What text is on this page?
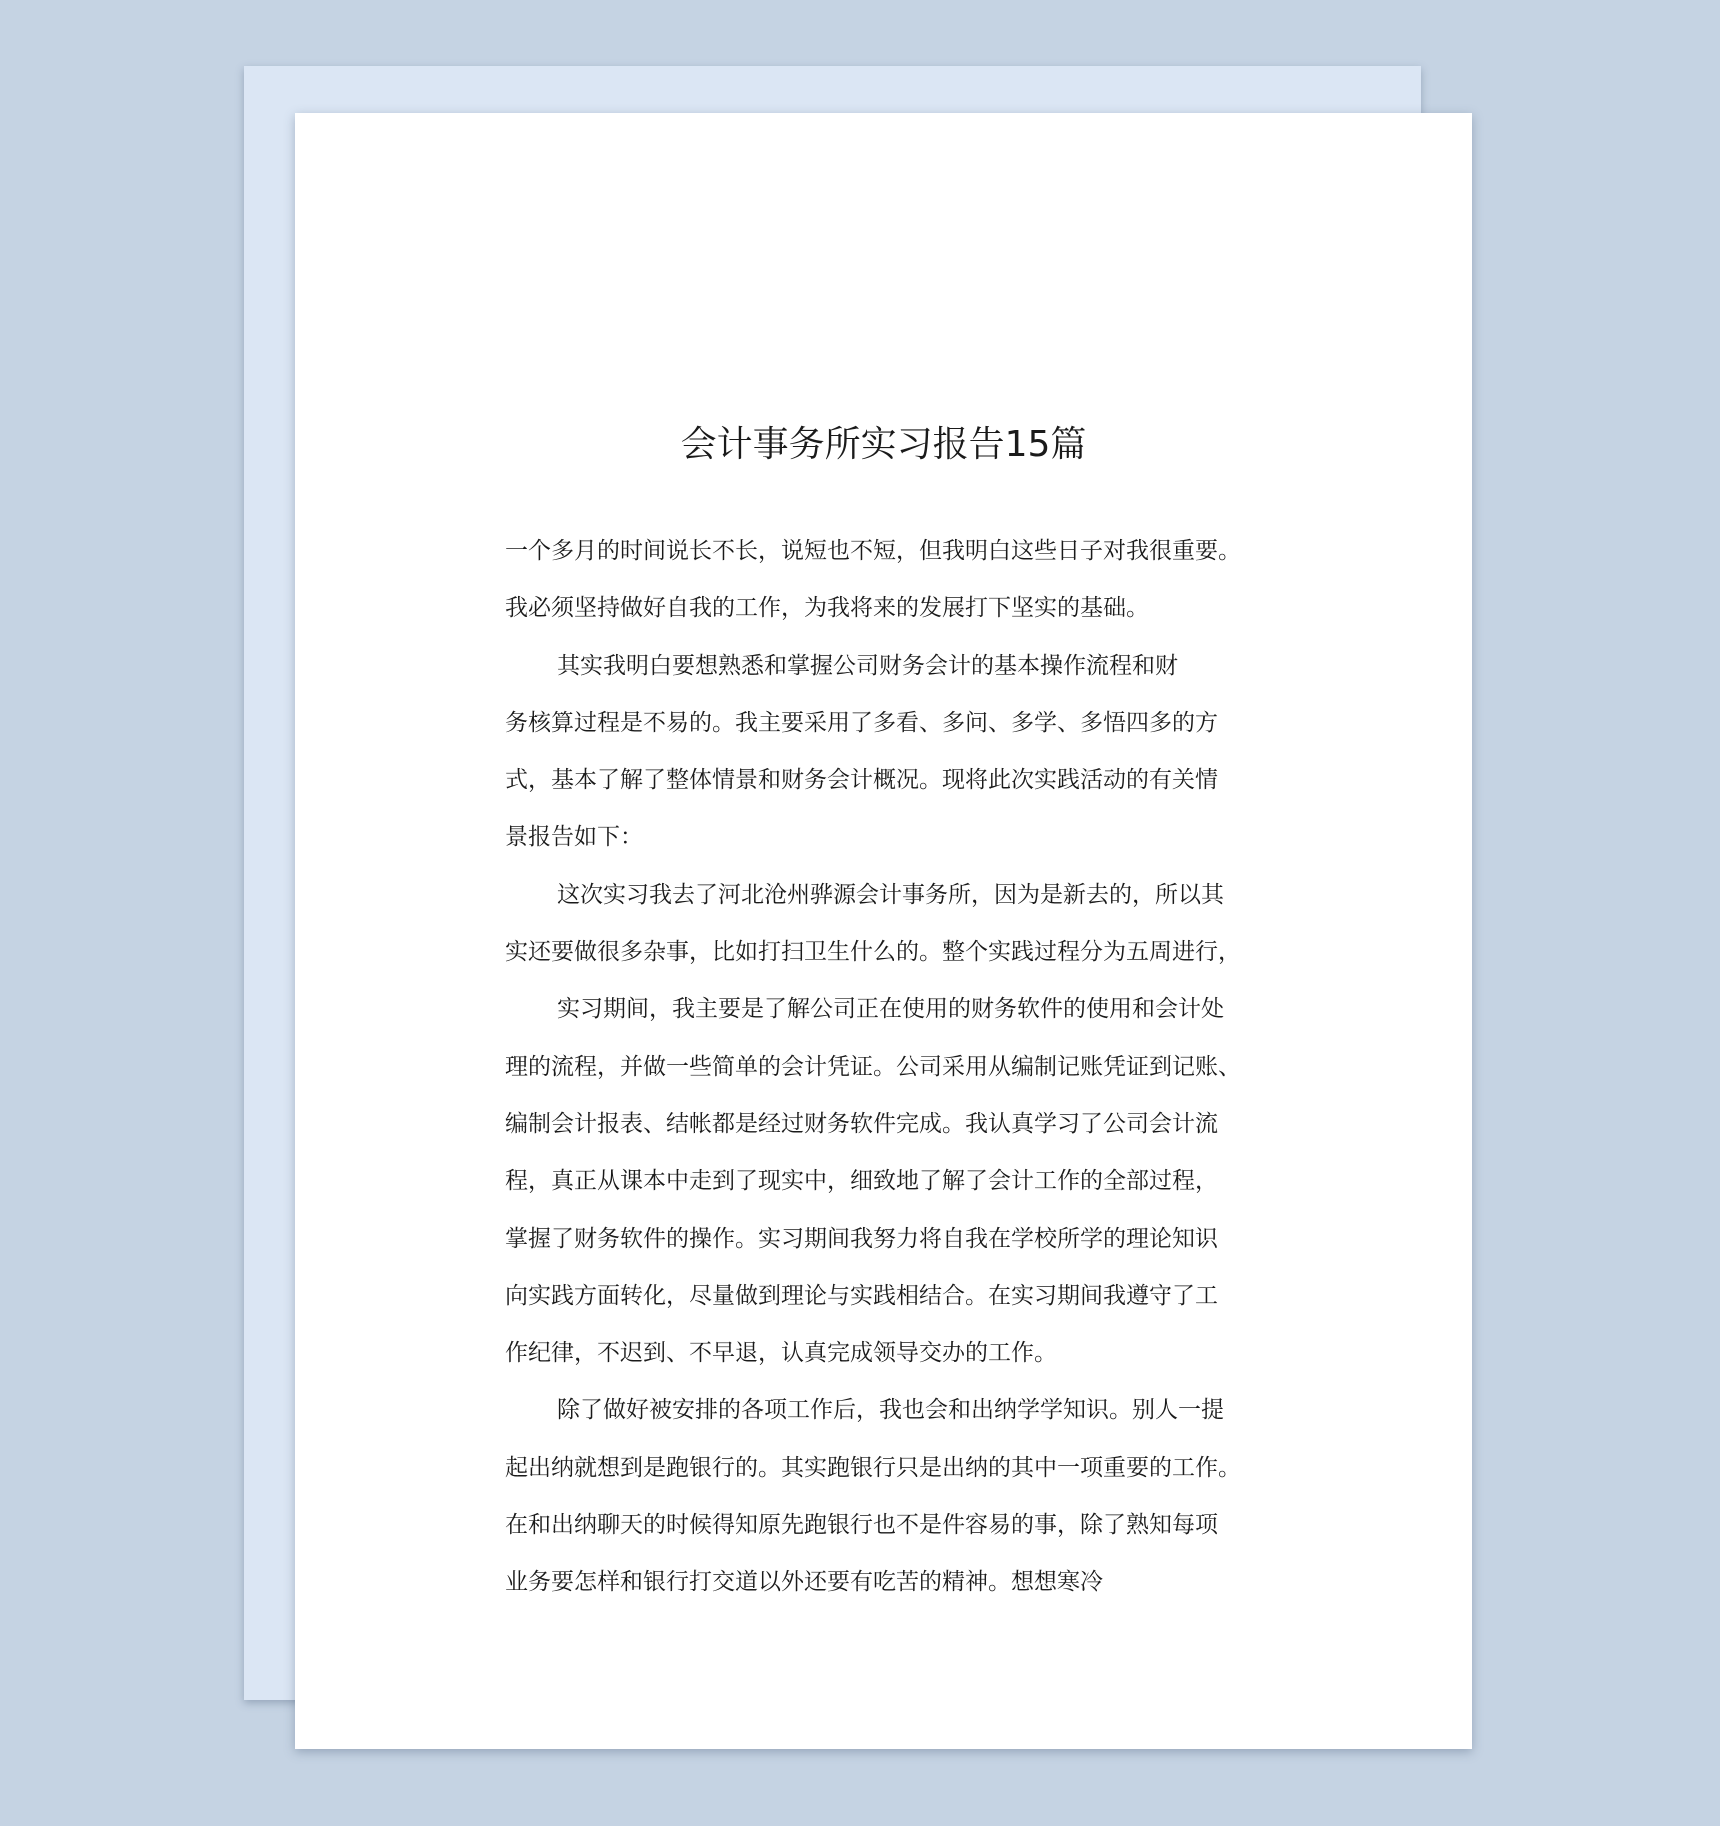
会计事务所实习报告15篇
一个多月的时间说长不长，说短也不短，但我明白这些日子对我很重要。
我必须坚持做好自我的工作，为我将来的发展打下坚实的基础。
其实我明白要想熟悉和掌握公司财务会计的基本操作流程和财
务核算过程是不易的。我主要采用了多看、多问、多学、多悟四多的方
式，基本了解了整体情景和财务会计概况。现将此次实践活动的有关情
景报告如下：
这次实习我去了河北沧州骅源会计事务所，因为是新去的，所以其
实还要做很多杂事，比如打扫卫生什么的。整个实践过程分为五周进行，
实习期间，我主要是了解公司正在使用的财务软件的使用和会计处
理的流程，并做一些简单的会计凭证。公司采用从编制记账凭证到记账、
编制会计报表、结帐都是经过财务软件完成。我认真学习了公司会计流
程，真正从课本中走到了现实中，细致地了解了会计工作的全部过程，
掌握了财务软件的操作。实习期间我努力将自我在学校所学的理论知识
向实践方面转化，尽量做到理论与实践相结合。在实习期间我遵守了工
作纪律，不迟到、不早退，认真完成领导交办的工作。
除了做好被安排的各项工作后，我也会和出纳学学知识。别人一提
起出纳就想到是跑银行的。其实跑银行只是出纳的其中一项重要的工作。
在和出纳聊天的时候得知原先跑银行也不是件容易的事，除了熟知每项
业务要怎样和银行打交道以外还要有吃苦的精神。想想寒冷
